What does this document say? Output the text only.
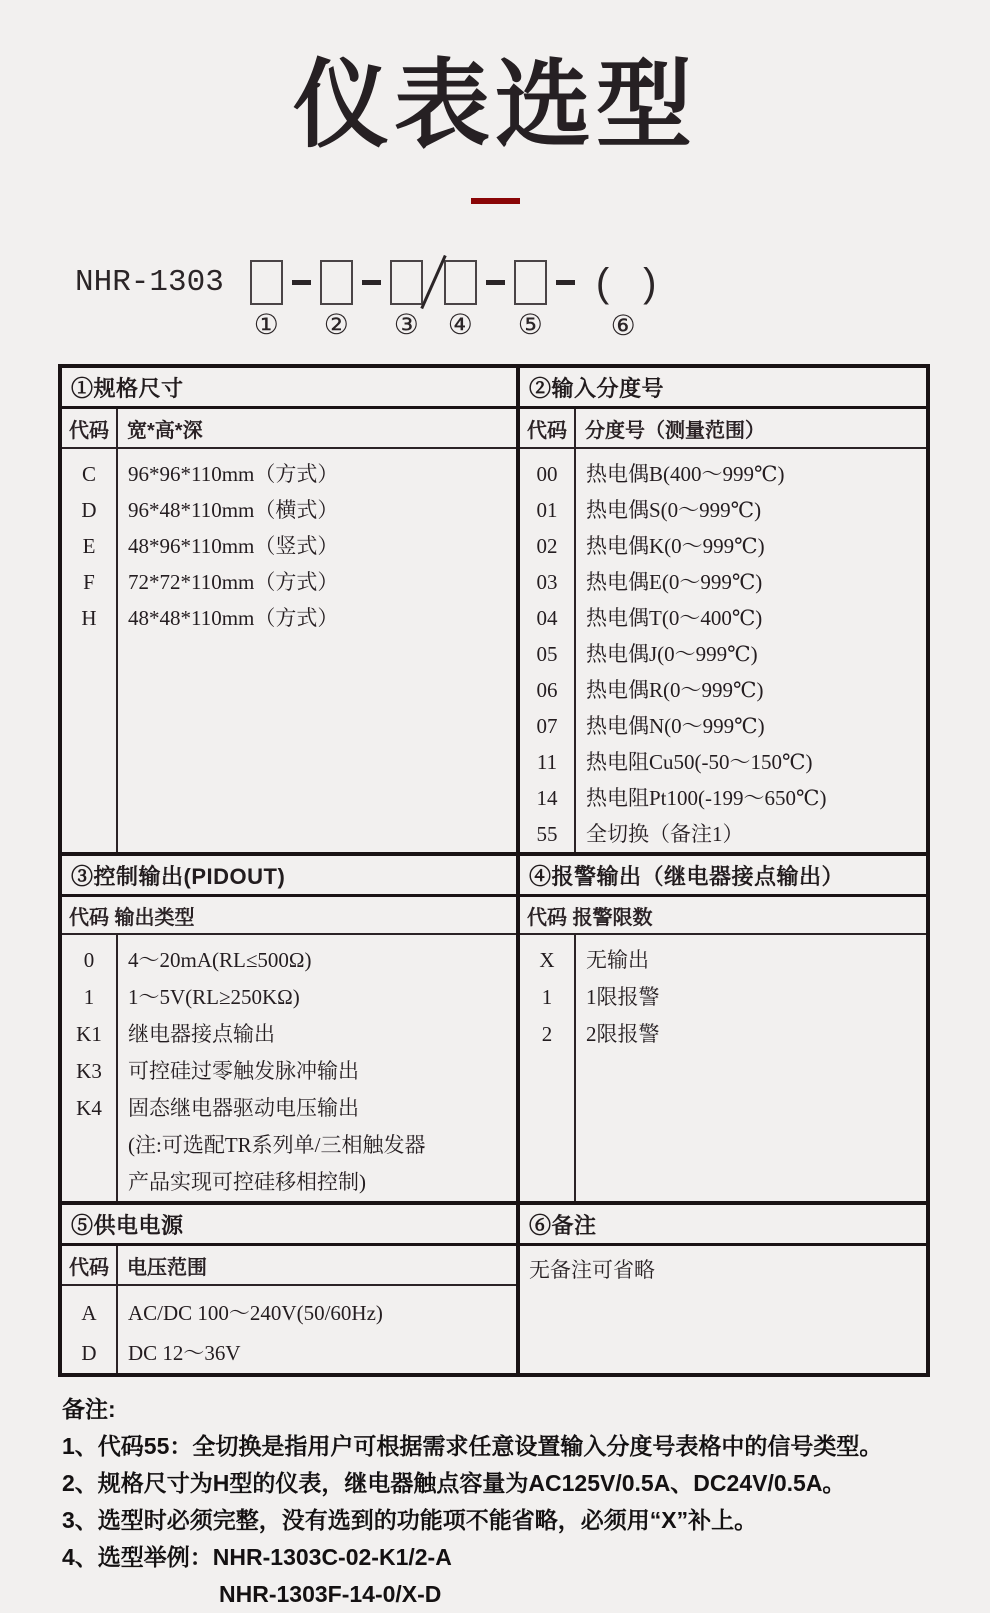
仪表选型
NHR-1303
① ② ③ ④ ⑤
( )
⑥
①规格尺寸
代码 宽*高*深
C
D
E
F
H
96*96*110mm（方式）
96*48*110mm（横式）
48*96*110mm（竖式）
72*72*110mm（方式）
48*48*110mm（方式）
②输入分度号
代码 分度号（测量范围）
00
01
02
03
04
05
06
07
11
14
55
热电偶B(400～999℃)
热电偶S(0～999℃)
热电偶K(0～999℃)
热电偶E(0～999℃)
热电偶T(0～400℃)
热电偶J(0～999℃)
热电偶R(0～999℃)
热电偶N(0～999℃)
热电阻Cu50(-50～150℃)
热电阻Pt100(-199～650℃)
全切换（备注1）
③控制输出(PIDOUT)
代码 输出类型
0
1
K1
K3
K4
4～20mA(RL≤500Ω)
1～5V(RL≥250KΩ)
继电器接点输出
可控硅过零触发脉冲输出
固态继电器驱动电压输出
(注:可选配TR系列单/三相触发器
产品实现可控硅移相控制)
④报警输出（继电器接点输出）
代码 报警限数
X
1
2
无输出
1限报警
2限报警
⑤供电电源
代码 电压范围
A
D
AC/DC 100～240V(50/60Hz)
DC 12～36V
⑥备注
无备注可省略
备注:
1、代码55：全切换是指用户可根据需求任意设置输入分度号表格中的信号类型。
2、规格尺寸为H型的仪表，继电器触点容量为AC125V/0.5A、DC24V/0.5A。
3、选型时必须完整，没有选到的功能项不能省略，必须用“X”补上。
4、选型举例：NHR-1303C-02-K1/2-A
NHR-1303F-14-0/X-D
